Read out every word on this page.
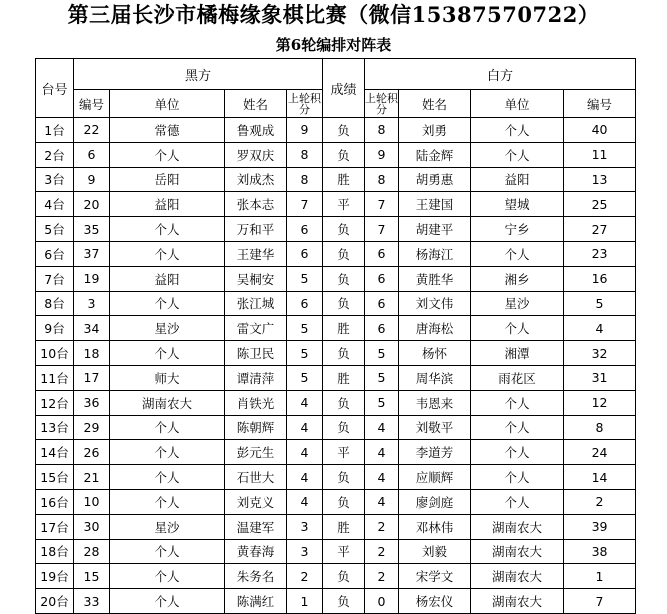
第三届长沙市橘梅缘象棋比赛（微信15387570722）
第6轮编排对阵表
台号	黑方				成绩	白方			
	编号	单位	姓名	上轮积分		上轮积分	姓名	单位	编号
1台	22	常德	鲁观成	9	负	8	刘勇	个人	40
2台	6	个人	罗双庆	8	负	9	陆金辉	个人	11
3台	9	岳阳	刘成杰	8	胜	8	胡勇惠	益阳	13
4台	20	益阳	张本志	7	平	7	王建国	望城	25
5台	35	个人	万和平	6	负	7	胡建平	宁乡	27
6台	37	个人	王建华	6	负	6	杨海江	个人	23
7台	19	益阳	吴桐安	5	负	6	黄胜华	湘乡	16
8台	3	个人	张江城	6	负	6	刘文伟	星沙	5
9台	34	星沙	雷文广	5	胜	6	唐海松	个人	4
10台	18	个人	陈卫民	5	负	5	杨怀	湘潭	32
11台	17	师大	谭清萍	5	胜	5	周华滨	雨花区	31
12台	36	湖南农大	肖铁光	4	负	5	韦恩来	个人	12
13台	29	个人	陈朝辉	4	负	4	刘敬平	个人	8
14台	26	个人	彭元生	4	平	4	李道芳	个人	24
15台	21	个人	石世大	4	负	4	应顺辉	个人	14
16台	10	个人	刘克义	4	负	4	廖剑庭	个人	2
17台	30	星沙	温建军	3	胜	2	邓林伟	湖南农大	39
18台	28	个人	黄春海	3	平	2	刘毅	湖南农大	38
19台	15	个人	朱务名	2	负	2	宋学文	湖南农大	1
20台	33	个人	陈满红	1	负	0	杨宏仪	湖南农大	7
